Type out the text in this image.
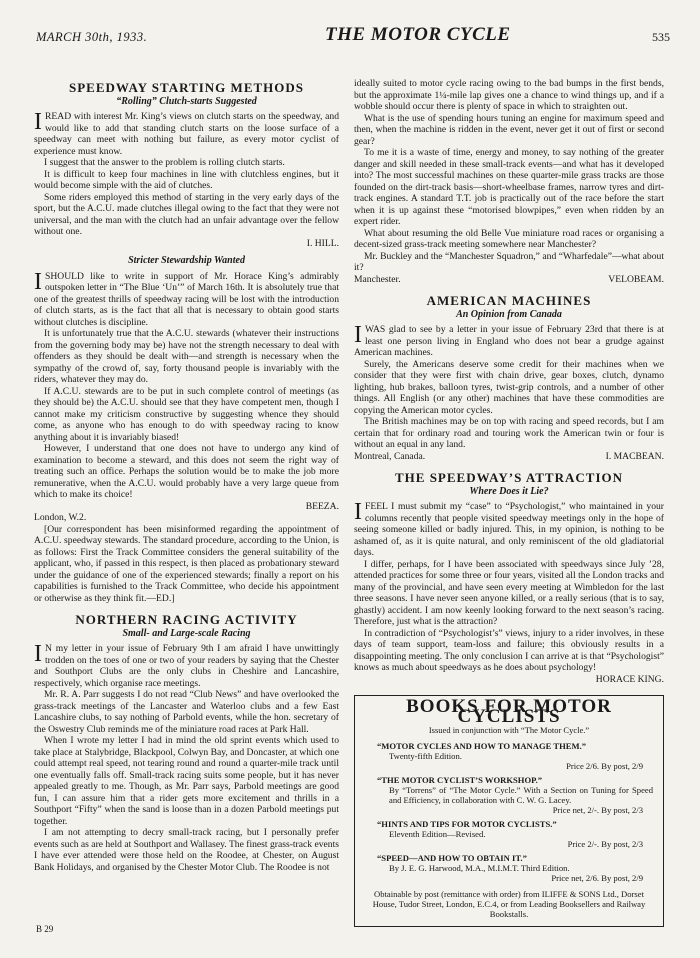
MARCH 30th, 1933.	THE MOTOR CYCLE	535
SPEEDWAY STARTING METHODS
“Rolling” Clutch-starts Suggested

IREAD with interest Mr. King’s views on clutch starts on the speedway, and would like to add that standing clutch starts on the loose surface of a speedway can meet with nothing but failure, as every motor cyclist of experience must know.

I suggest that the answer to the problem is rolling clutch starts.

It is difficult to keep four machines in line with clutchless engines, but it would become simple with the aid of clutches.

Some riders employed this method of starting in the very early days of the sport, but the A.C.U. made clutches illegal owing to the fact that they were not universal, and the man with the clutch had an unfair advantage over the fellow without one.

I. HILL.

Stricter Stewardship Wanted

ISHOULD like to write in support of Mr. Horace King’s admirably outspoken letter in “The Blue ‘Un’” of March 16th. It is absolutely true that one of the greatest thrills of speedway racing will be lost with the introduction of clutch starts, as is the fact that all that is necessary to obtain good starts without clutches is discipline.

It is unfortunately true that the A.C.U. stewards (whatever their instructions from the governing body may be) have not the strength necessary to deal with offenders as they should be dealt with—and strength is necessary when the sympathy of the crowd of, say, forty thousand people is invariably with the riders, whatever they may do.

If A.C.U. stewards are to be put in such complete control of meetings (as they should be) the A.C.U. should see that they have competent men, though I cannot make my criticism constructive by suggesting whence they should come, as anyone who has enough to do with speedway racing to know anything about it is invariably biased!

However, I understand that one does not have to undergo any kind of examination to become a steward, and this does not seem the right way of treating such an office. Perhaps the solution would be to make the job more remunerative, when the A.C.U. would probably have a very large queue from which to make its choice!

BEEZA.

London, W.2.

[Our correspondent has been misinformed regarding the appointment of A.C.U. speedway stewards. The standard procedure, according to the Union, is as follows: First the Track Committee considers the general suitability of the applicant, who, if passed in this respect, is then placed as probationary steward under the guidance of one of the experienced stewards; finally a report on his capabilities is furnished to the Track Committee, who decide his appointment or otherwise as they think fit.—ED.]

NORTHERN RACING ACTIVITY
Small- and Large-scale Racing

I N my letter in your issue of February 9th I am afraid I have unwittingly trodden on the toes of one or two of your readers by saying that the Chester and Southport Clubs are the only clubs in Cheshire and Lancashire, respectively, which organise race meetings.

Mr. R. A. Parr suggests I do not read “Club News” and have overlooked the grass-track meetings of the Lancaster and Waterloo clubs and a few East Lancashire clubs, to say nothing of Parbold events, while the hon. secretary of the Oswestry Club reminds me of the miniature road races at Park Hall.

When I wrote my letter I had in mind the old sprint events which used to take place at Stalybridge, Blackpool, Colwyn Bay, and Doncaster, at which one could attempt real speed, not tearing round and round a quarter-mile track until one eventually falls off. Small-track racing suits some people, but it has never appealed greatly to me. Though, as Mr. Parr says, Parbold meetings are good fun, I can assure him that a rider gets more excitement and thrills in a Southport “Fifty” when the sand is loose than in a dozen Parbold meetings put together.

I am not attempting to decry small-track racing, but I personally prefer events such as are held at Southport and Wallasey. The finest grass-track events I have ever attended were those held on the Roodee, at Chester, on August Bank Holidays, and organised by the Chester Motor Club. The Roodee is not

ideally suited to motor cycle racing owing to the bad bumps in the first bends, but the approximate 1¼-mile lap gives one a chance to wind things up, and if a wobble should occur there is plenty of space in which to straighten out.

What is the use of spending hours tuning an engine for maximum speed and then, when the machine is ridden in the event, never get it out of first or second gear?

To me it is a waste of time, energy and money, to say nothing of the greater danger and skill needed in these small-track events—and what has it developed into? The most successful machines on these quarter-mile grass tracks are those founded on the dirt-track basis—short-wheelbase frames, narrow tyres and dirt-track engines. A standard T.T. job is practically out of the race before the start when it is up against these “motorised blowpipes,” even when ridden by an expert rider.

What about resuming the old Belle Vue miniature road races or organising a decent-sized grass-track meeting somewhere near Manchester?

Mr. Buckley and the “Manchester Squadron,” and “Wharfedale”—what about it?

Manchester.	VELOBEAM.
AMERICAN MACHINES
An Opinion from Canada

IWAS glad to see by a letter in your issue of February 23rd that there is at least one person living in England who does not bear a grudge against American machines.

Surely, the Americans deserve some credit for their machines when we consider that they were first with chain drive, gear boxes, clutch, dynamo lighting, hub brakes, balloon tyres, twist-grip controls, and a number of other things. All English (or any other) machines that have these commodities are copying the American motor cycles.

The British machines may be on top with racing and speed records, but I am certain that for ordinary road and touring work the American twin or four is without an equal in any land.

Montreal, Canada.	I. MACBEAN.
THE SPEEDWAY’S ATTRACTION
Where Does it Lie?

IFEEL I must submit my “case” to “Psychologist,” who maintained in your columns recently that people visited speedway meetings only in the hope of seeing someone killed or badly injured. This, in my opinion, is nothing to be ashamed of, as it is quite natural, and only reminiscent of the old gladiatorial days.

I differ, perhaps, for I have been associated with speedways since July ’28, attended practices for some three or four years, visited all the London tracks and many of the provincial, and have seen every meeting at Wimbledon for the last three seasons. I have never seen anyone killed, or a really serious (that is to say, ghastly) accident. I am now keenly looking forward to the next season’s racing. Therefore, just what is the attraction?

In contradiction of “Psychologist’s” views, injury to a rider involves, in these days of team support, team-loss and failure; this obviously results in a disappointing meeting. The only conclusion I can arrive at is that “Psychologist” knows as much about speedways as he does about psychology!

HORACE KING.

BOOKS FOR MOTOR CYCLISTS
Issued in conjunction with “The Motor Cycle.”
“MOTOR CYCLES AND HOW TO MANAGE THEM.”
Twenty-fifth Edition.
Price 2/6. By post, 2/9
“THE MOTOR CYCLIST’S WORKSHOP.”
By “Torrens” of “The Motor Cycle.” With a Section on Tuning for Speed and Efficiency, in collaboration with C. W. G. Lacey.
Price net, 2/-. By post, 2/3
“HINTS AND TIPS FOR MOTOR CYCLISTS.”
Eleventh Edition—Revised.
Price 2/-. By post, 2/3
“SPEED—AND HOW TO OBTAIN IT.”
By J. E. G. Harwood, M.A., M.I.M.T. Third Edition.
Price net, 2/6. By post, 2/9
Obtainable by post (remittance with order) from ILIFFE & SONS Ltd., Dorset House, Tudor Street, London, E.C.4, or from Leading Booksellers and Railway Bookstalls.
B 29
